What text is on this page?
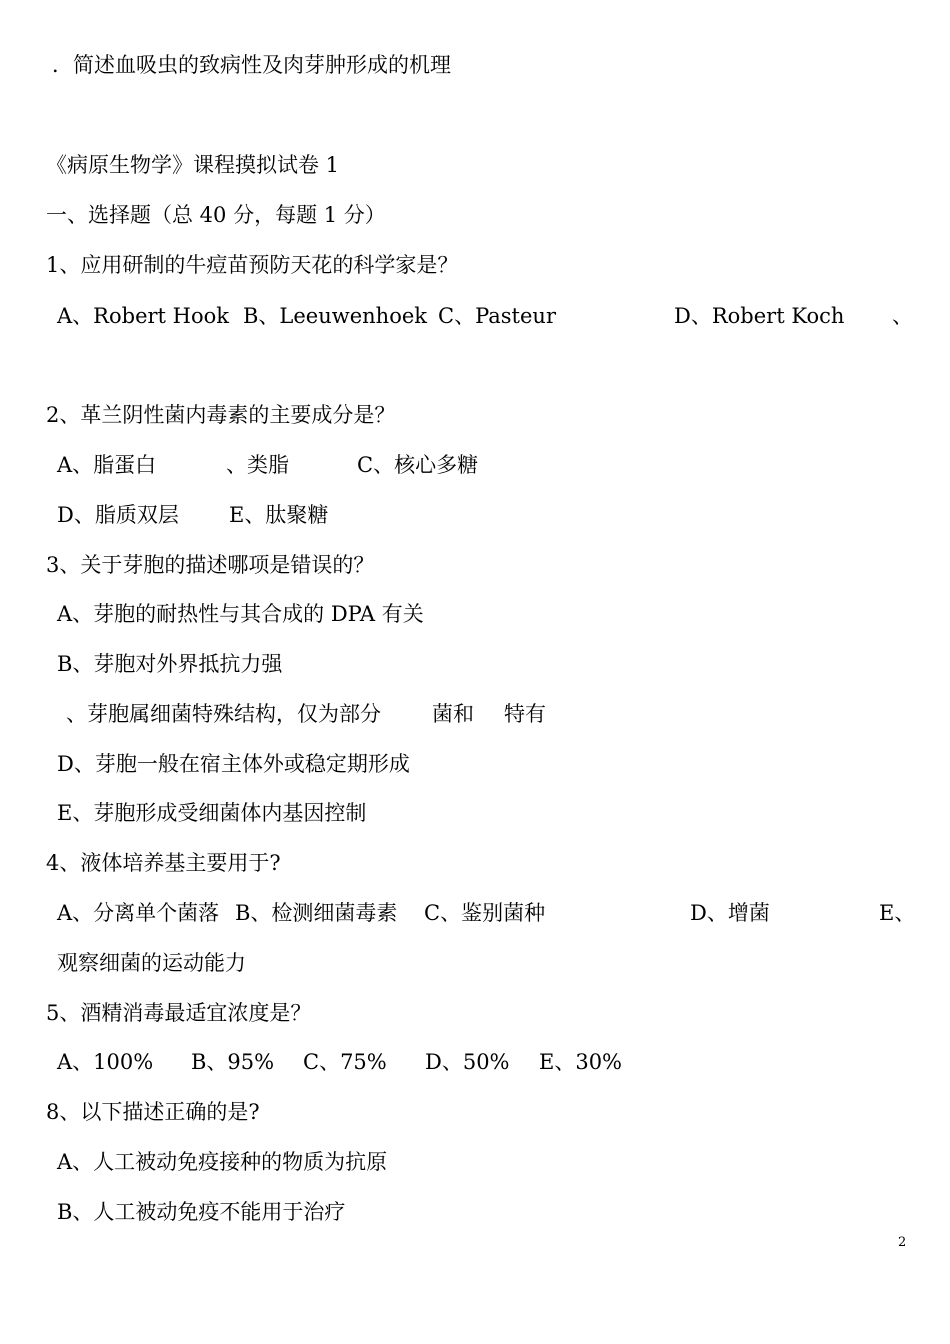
．简述血吸虫的致病性及肉芽肿形成的机理
《病原生物学》课程摸拟试卷 1
一、选择题（总 40 分，每题 1 分）
1、应用研制的牛痘苗预防天花的科学家是？
A、Robert Hook B、Leeuwenhoek C、Pasteur	D、Robert Koch 、
2、革兰阴性菌内毒素的主要成分是？
A、脂蛋白	、类脂	C、核心多糖
D、脂质双层 E、肽聚糖
3、关于芽胞的描述哪项是错误的？
A、芽胞的耐热性与其合成的 DPA 有关
B、芽胞对外界抵抗力强
、芽胞属细菌特殊结构，仅为部分 菌和 特有
D、芽胞一般在宿主体外或稳定期形成
E、芽胞形成受细菌体内基因控制
4、液体培养基主要用于?
A、分离单个菌落 B、检测细菌毒素 C、鉴别菌种	D、增菌	E、
观察细菌的运动能力
5、酒精消毒最适宜浓度是？
A、100% B、95% C、75% D、50% E、30%
8、以下描述正确的是?
A、人工被动免疫接种的物质为抗原
B、人工被动免疫不能用于治疗
2
